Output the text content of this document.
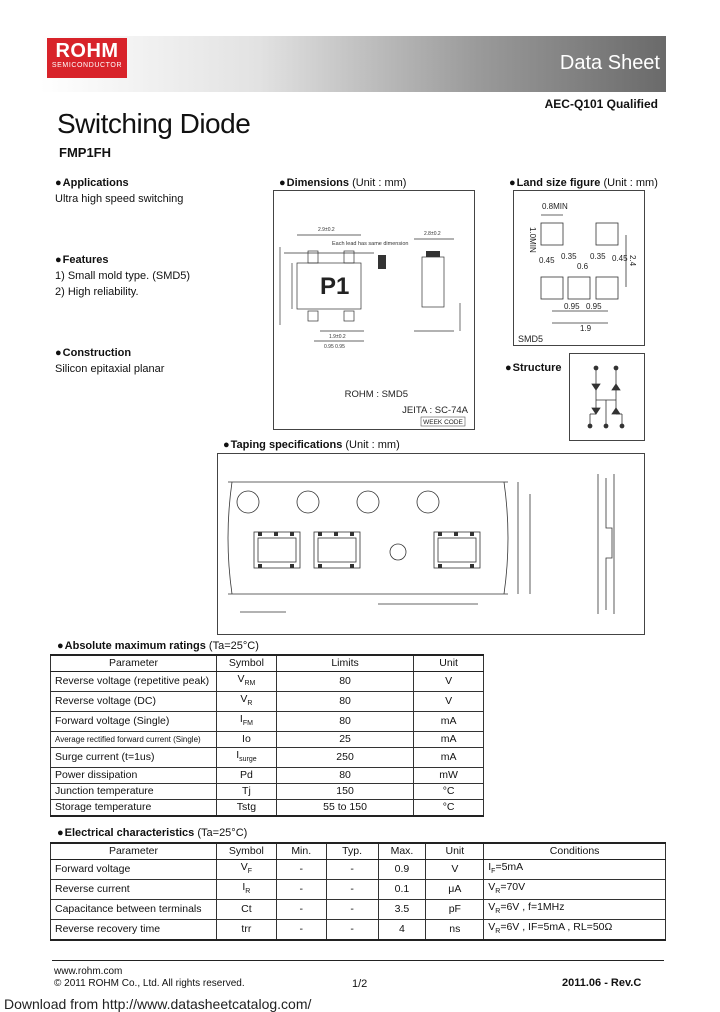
ROHM
SEMICONDUCTOR	Data Sheet
AEC-Q101 Qualified
Switching Diode
FMP1FH
●Applications
Ultra high speed switching
●Features
1) Small mold type. (SMD5)
2) High reliability.
●Construction
Silicon epitaxial planar
●Dimensions (Unit : mm)
2.9±0.2
2.8±0.2
1.9±0.2
0.95 0.95
P1
Each lead has same dimension
ROHM : SMD5
JEITA : SC-74A
WEEK CODE
●Land size figure (Unit : mm)
0.8MIN
1.0MIN
0.45 0.35 0.35 0.45
0.6
2.4
0.95 0.95
1.9
SMD5
●Structure
●Taping specifications (Unit : mm)
●Absolute maximum ratings (Ta=25°C)
Parameter	Symbol	Limits	Unit
Reverse voltage (repetitive peak)	$V_{RM}$	80	V
Reverse voltage (DC)	$V_R$	80	V
Forward voltage (Single)	$I_{FM}$	80	mA
Average rectified forward current (Single)	Io	25	mA
Surge current (t=1us)	$I_{surge}$	250	mA
Power dissipation	Pd	80	mW
Junction temperature	Tj	150	°C
Storage temperature	Tstg	55 to 150	°C
●Electrical characteristics (Ta=25°C)
Parameter	Symbol	Min.	Typ.	Max.	Unit	Conditions
Forward voltage	$V_F$	-	-	0.9	V	$I_F=5mA$
Reverse current	$I_R$	-	-	0.1	μA	$V_R=70V$
Capacitance between terminals	Ct	-	-	3.5	pF	$V_R=6V$ , f=1MHz
Reverse recovery time	trr	-	-	4	ns	$V_R=6V$ , IF=5mA , RL=50Ω
www.rohm.com
© 2011 ROHM Co., Ltd. All rights reserved.	1/2	2011.06 - Rev.C
Download from http://www.datasheetcatalog.com/
